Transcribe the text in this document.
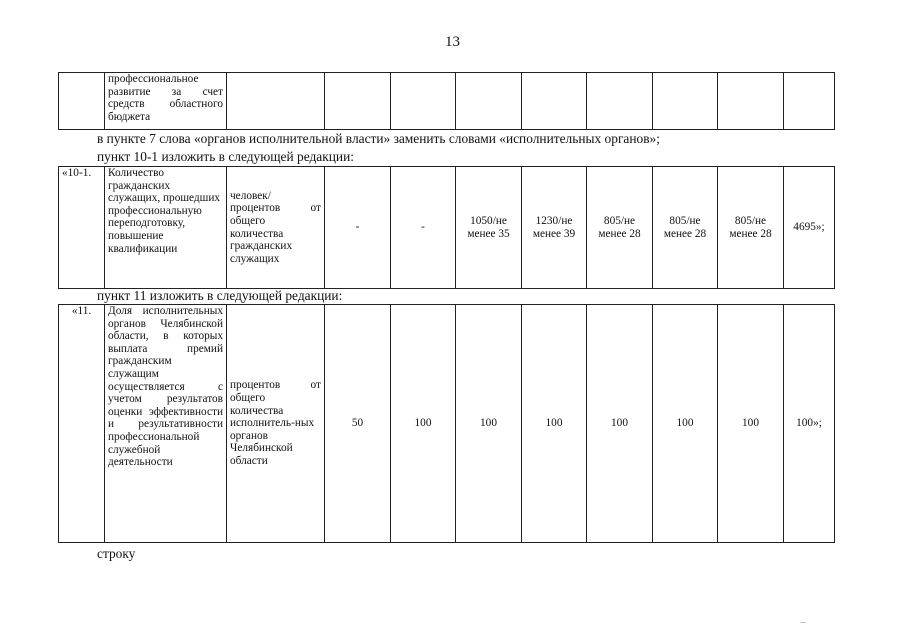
13
	профессиональное развитие за счет средств областного бюджета									
в пункте 7 слова «органов исполнительной власти» заменить словами «исполнительных органов»;
пункт 10-1 изложить в следующей редакции:
«10-1.	Количество гражданских служащих, прошедших профессиональную переподготовку, повышение квалификации	человек/ процентов от общего количества гражданских служащих	-	-	1050/не менее 35	1230/не менее 39	805/не менее 28	805/не менее 28	805/не менее 28	4695»;
пункт 11 изложить в следующей редакции:
«11.	Доля исполнительных органов Челябинской области, в которых выплата премий гражданским служащим осуществляется с учетом результатов оценки эффективности и результативности профессиональной служебной деятельности	процентов от общего количества исполнитель-ных органов Челябинской области	50	100	100	100	100	100	100	100»;
строку
